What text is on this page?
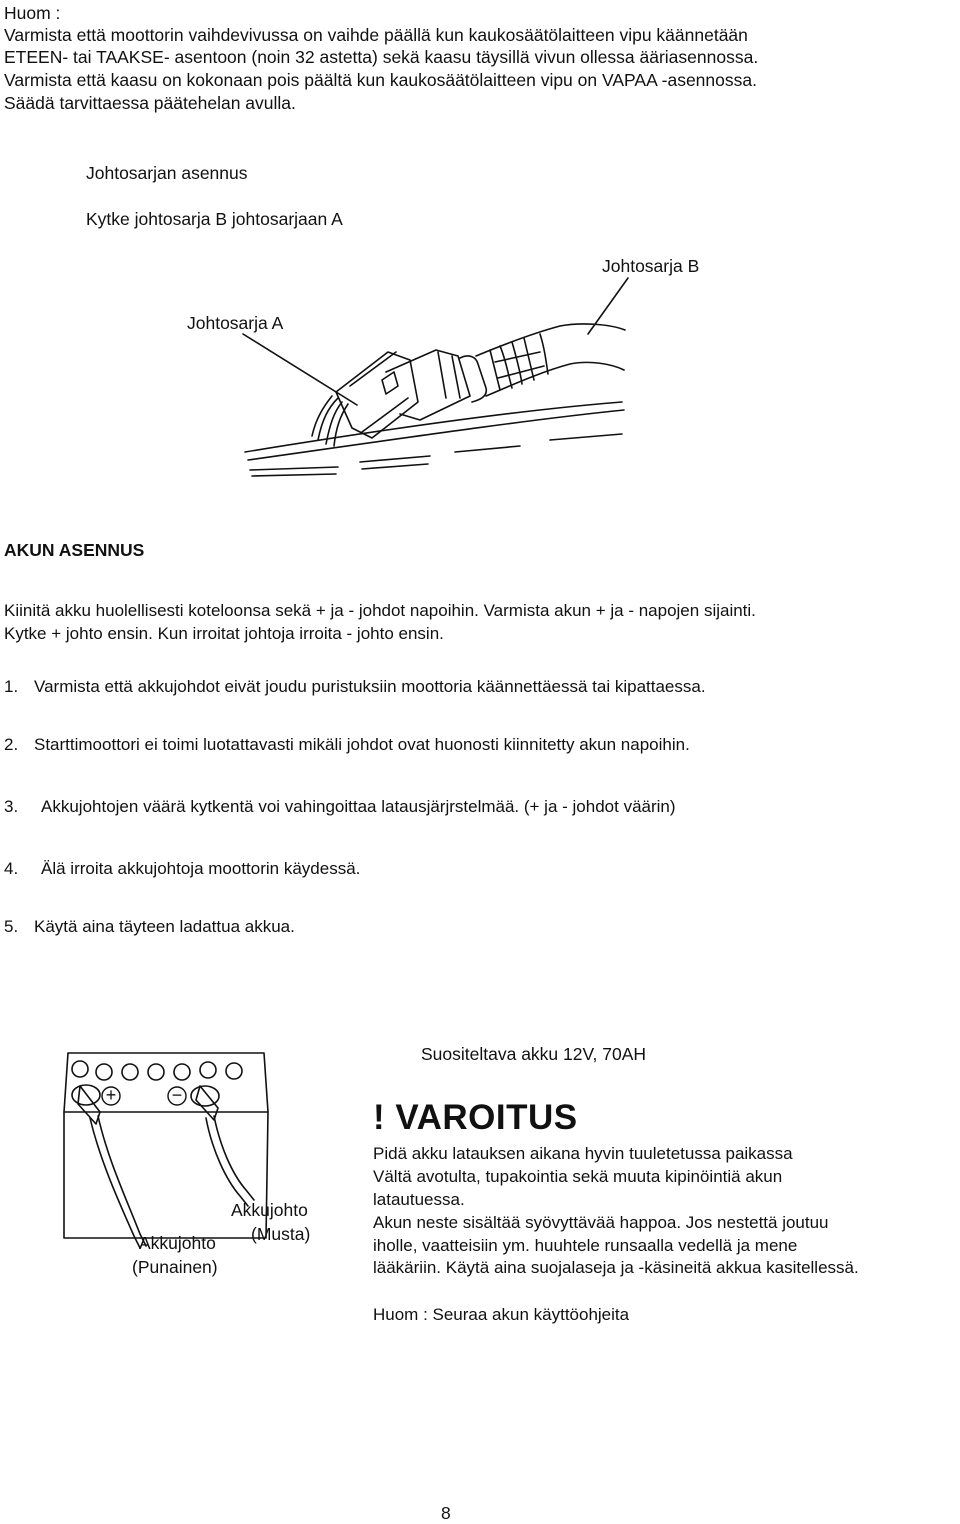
Huom :
Varmista että moottorin vaihdevivussa on vaihde päällä kun kaukosäätölaitteen vipu käännetään
ETEEN- tai TAAKSE- asentoon (noin 32 astetta) sekä kaasu täysillä vivun ollessa ääriasennossa.
Varmista että kaasu on kokonaan pois päältä kun kaukosäätölaitteen vipu on VAPAA -asennossa.
Säädä tarvittaessa päätehelan avulla.
Johtosarjan asennus
Kytke johtosarja B johtosarjaan A
Johtosarja B
Johtosarja A
AKUN ASENNUS
Kiinitä akku huolellisesti koteloonsa sekä + ja - johdot napoihin. Varmista akun + ja - napojen sijainti.
Kytke + johto ensin. Kun irroitat johtoja irroita - johto ensin.
1. Varmista että akkujohdot eivät joudu puristuksiin moottoria käännettäessä tai kipattaessa.
2. Starttimoottori ei toimi luotattavasti mikäli johdot ovat huonosti kiinnitetty akun napoihin.
3. Akkujohtojen väärä kytkentä voi vahingoittaa latausjärjrstelmää. (+ ja - johdot väärin)
4. Älä irroita akkujohtoja moottorin käydessä.
5. Käytä aina täyteen ladattua akkua.
+	−
Akkujohto
(Musta)
Akkujohto
(Punainen)
Suositeltava akku 12V, 70AH
! VAROITUS
Pidä akku latauksen aikana hyvin tuuletetussa paikassa
Vältä avotulta, tupakointia sekä muuta kipinöintiä akun
latautuessa.
Akun neste sisältää syövyttävää happoa. Jos nestettä joutuu
iholle, vaatteisiin ym. huuhtele runsaalla vedellä ja mene
lääkäriin. Käytä aina suojalaseja ja -käsineitä akkua kasitellessä.
Huom : Seuraa akun käyttöohjeita
8
